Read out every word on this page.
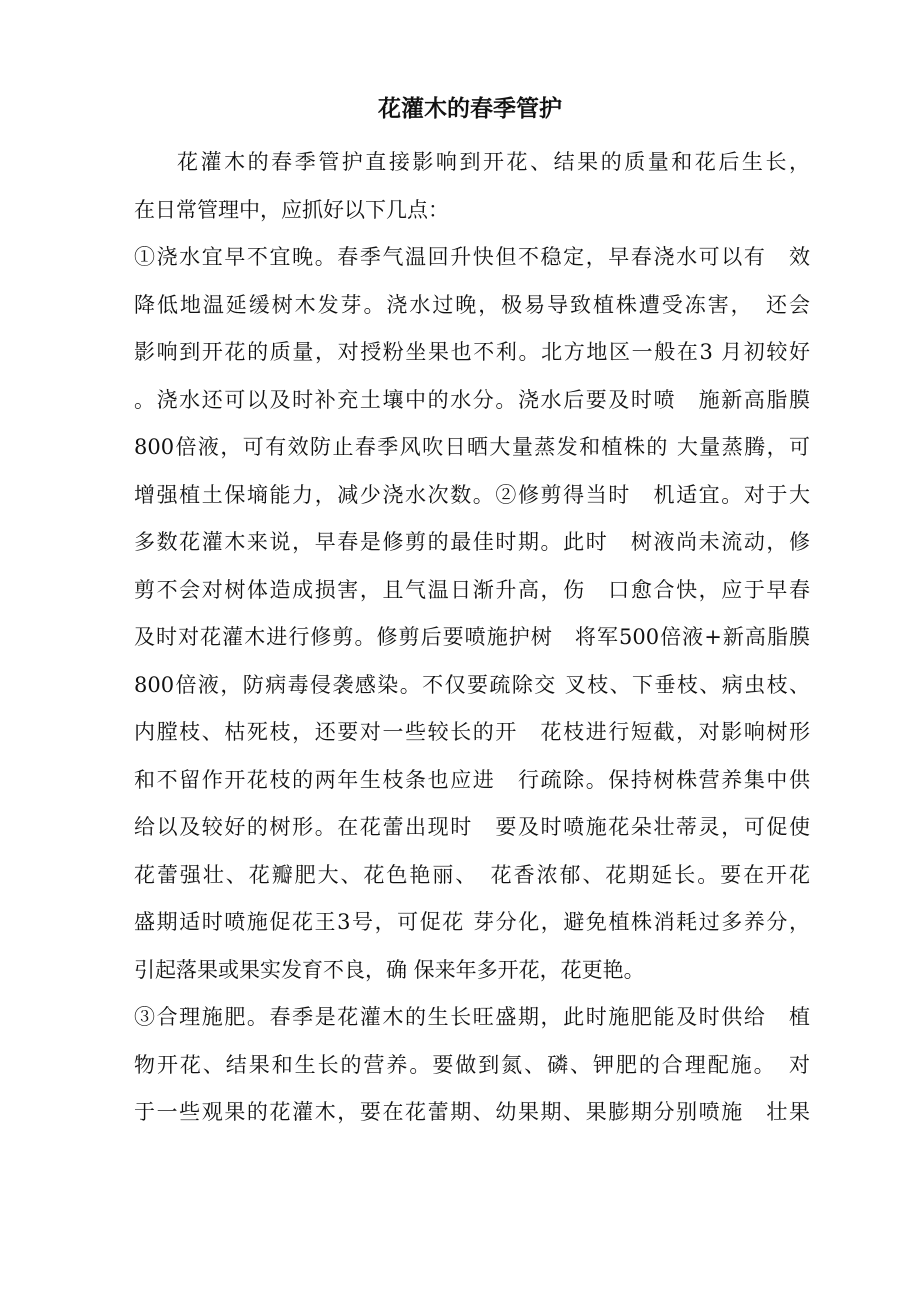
花灌木的春季管护
花灌木的春季管护直接影响到开花、结果的质量和花后生长，
在日常管理中，应抓好以下几点：
①浇水宜早不宜晚。春季气温回升快但不稳定，早春浇水可以有　效
降低地温延缓树木发芽。浇水过晚，极易导致植株遭受冻害，　还会
影响到开花的质量，对授粉坐果也不利。北方地区一般在3 月初较好
。浇水还可以及时补充土壤中的水分。浇水后要及时喷　施新高脂膜
800倍液，可有效防止春季风吹日晒大量蒸发和植株的 大量蒸腾，可
增强植土保墒能力，减少浇水次数。②修剪得当时　机适宜。对于大
多数花灌木来说，早春是修剪的最佳时期。此时　树液尚未流动，修
剪不会对树体造成损害，且气温日渐升高，伤　口愈合快，应于早春
及时对花灌木进行修剪。修剪后要喷施护树　将军500倍液+新高脂膜
800倍液，防病毒侵袭感染。不仅要疏除交 叉枝、下垂枝、病虫枝、
内膛枝、枯死枝，还要对一些较长的开　花枝进行短截，对影响树形
和不留作开花枝的两年生枝条也应进　行疏除。保持树株营养集中供
给以及较好的树形。在花蕾出现时　要及时喷施花朵壮蒂灵，可促使
花蕾强壮、花瓣肥大、花色艳丽、　花香浓郁、花期延长。要在开花
盛期适时喷施促花王3号，可促花 芽分化，避免植株消耗过多养分，
引起落果或果实发育不良，确 保来年多开花，花更艳。
③合理施肥。春季是花灌木的生长旺盛期，此时施肥能及时供给　植
物开花、结果和生长的营养。要做到氮、磷、钾肥的合理配施。　对
于一些观果的花灌木，要在花蕾期、幼果期、果膨期分别喷施　壮果
